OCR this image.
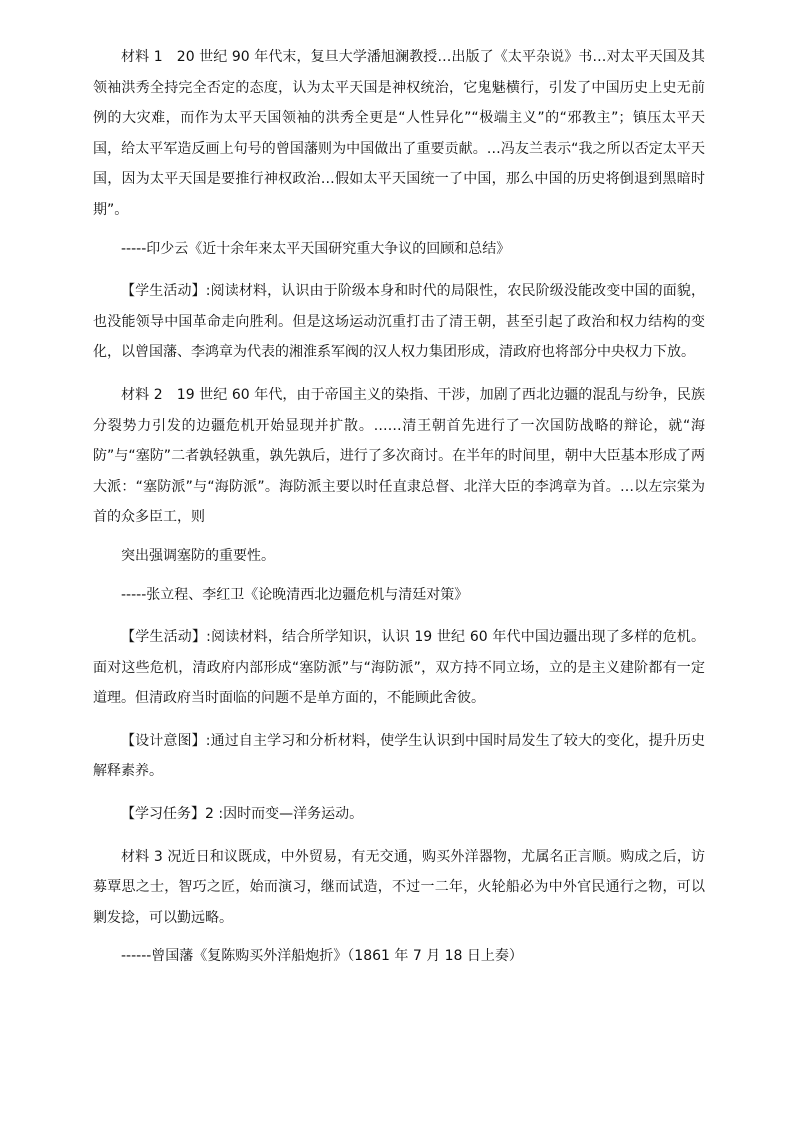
材料 1　20 世纪 90 年代末，复旦大学潘旭澜教授…出版了《太平杂说》书…对太平天国及其领袖洪秀全持完全否定的态度，认为太平天国是神权统治，它鬼魅横行，引发了中国历史上史无前例的大灾难，而作为太平天国领袖的洪秀全更是“人性异化”“极端主义”的“邪教主”；镇压太平天国，给太平军造反画上句号的曾国藩则为中国做出了重要贡献。…冯友兰表示“我之所以否定太平天国，因为太平天国是要推行神权政治…假如太平天国统一了中国，那么中国的历史将倒退到黑暗时期”。

-----印少云《近十余年来太平天国研究重大争议的回顾和总结》

【学生活动】:阅读材料，认识由于阶级本身和时代的局限性，农民阶级没能改变中国的面貌，也没能领导中国革命走向胜利。但是这场运动沉重打击了清王朝，甚至引起了政治和权力结构的变化，以曾国藩、李鸿章为代表的湘淮系军阀的汉人权力集团形成，清政府也将部分中央权力下放。

材料 2　19 世纪 60 年代，由于帝国主义的染指、干涉，加剧了西北边疆的混乱与纷争，民族分裂势力引发的边疆危机开始显现并扩散。……清王朝首先进行了一次国防战略的辩论，就“海防”与“塞防”二者孰轻孰重，孰先孰后，进行了多次商讨。在半年的时间里，朝中大臣基本形成了两大派：“塞防派”与“海防派”。海防派主要以时任直隶总督、北洋大臣的李鸿章为首。…以左宗棠为首的众多臣工，则

突出强调塞防的重要性。

-----张立程、李红卫《论晚清西北边疆危机与清廷对策》

【学生活动】:阅读材料，结合所学知识，认识 19 世纪 60 年代中国边疆出现了多样的危机。面对这些危机，清政府内部形成“塞防派”与“海防派”，双方持不同立场，立的是主义建阶都有一定道理。但清政府当时面临的问题不是单方面的，不能顾此舍彼。

【设计意图】:通过自主学习和分析材料，使学生认识到中国时局发生了较大的变化，提升历史解释素养。

【学习任务】2 :因时而变—洋务运动。

材料 3 况近日和议既成，中外贸易，有无交通，购买外洋器物，尤属名正言顺。购成之后，访募覃思之士，智巧之匠，始而演习，继而试造，不过一二年，火轮船必为中外官民通行之物，可以剿发捻，可以勤远略。

------曾国藩《复陈购买外洋船炮折》（1861 年 7 月 18 日上奏）
